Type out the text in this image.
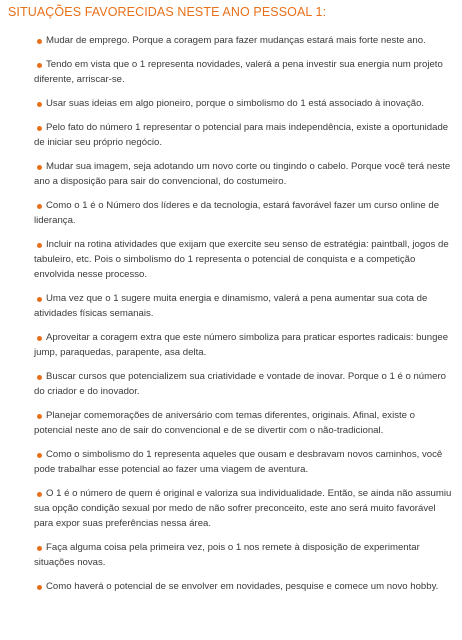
SITUAÇÕES FAVORECIDAS NESTE ANO PESSOAL 1:
Mudar de emprego. Porque a coragem para fazer mudanças estará mais forte neste ano.
Tendo em vista que o 1 representa novidades, valerá a pena investir sua energia num projeto diferente, arriscar-se.
Usar suas ideias em algo pioneiro, porque o simbolismo do 1 está associado à inovação.
Pelo fato do número 1 representar o potencial para mais independência, existe a oportunidade de iniciar seu próprio negócio.
Mudar sua imagem, seja adotando um novo corte ou tingindo o cabelo. Porque você terá neste ano a disposição para sair do convencional, do costumeiro.
Como o 1 é o Número dos líderes e da tecnologia, estará favorável fazer um curso online de liderança.
Incluir na rotina atividades que exijam que exercite seu senso de estratégia: paintball, jogos de tabuleiro, etc. Pois o simbolismo do 1 representa o potencial de conquista e a competição envolvida nesse processo.
Uma vez que o 1 sugere muita energia e dinamismo, valerá a pena aumentar sua cota de atividades físicas semanais.
Aproveitar a coragem extra que este número simboliza para praticar esportes radicais: bungee jump, paraquedas, parapente, asa delta.
Buscar cursos que potencializem sua criatividade e vontade de inovar. Porque o 1 é o número do criador e do inovador.
Planejar comemorações de aniversário com temas diferentes, originais. Afinal, existe o potencial neste ano de sair do convencional e de se divertir com o não-tradicional.
Como o simbolismo do 1 representa aqueles que ousam e desbravam novos caminhos, você pode trabalhar esse potencial ao fazer uma viagem de aventura.
O 1 é o número de quem é original e valoriza sua individualidade. Então, se ainda não assumiu sua opção condição sexual por medo de não sofrer preconceito, este ano será muito favorável para expor suas preferências nessa área.
Faça alguma coisa pela primeira vez, pois o 1 nos remete à disposição de experimentar situações novas.
Como haverá o potencial de se envolver em novidades, pesquise e comece um novo hobby.
